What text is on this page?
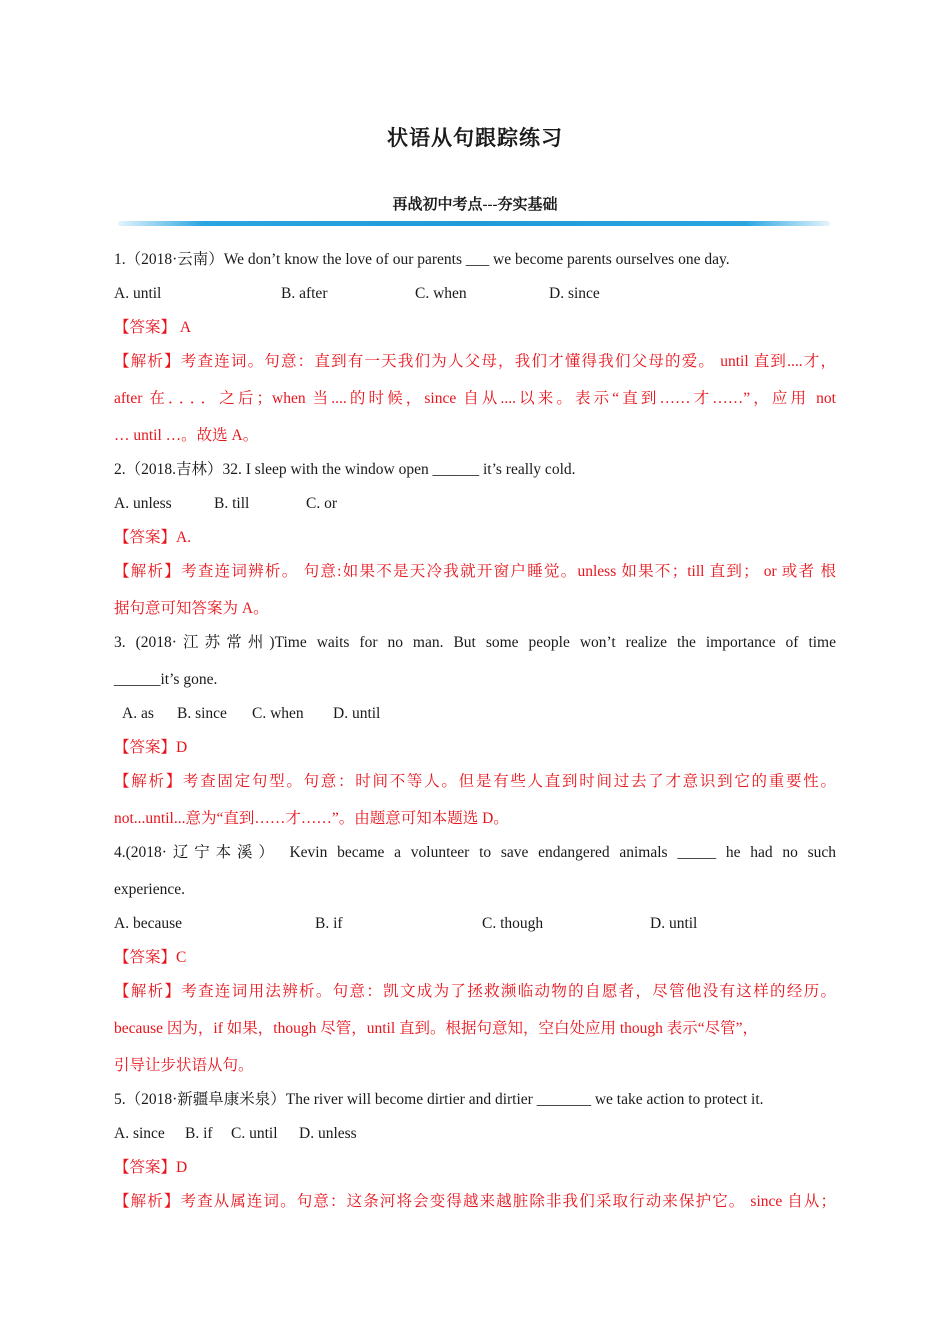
状语从句跟踪练习
再战初中考点---夯实基础
1.（2018·云南）We don’t know the love of our parents ___ we become parents ourselves one day.
A. until	B. after	C. when	D. since
【答案】 A
【解析】考查连词。句意：直到有一天我们为人父母，我们才懂得我们父母的爱。 until 直到....才，
after 在．．．．之后；when 当....的时候，since 自从....以来。表示“直到……才……”，应用 not
… until …。故选 A。
2.（2018.吉林）32. I sleep with the window open ______ it’s really cold.
A. unless	B. till	C. or
【答案】A.
【解析】考查连词辨析。 句意:如果不是天冷我就开窗户睡觉。unless 如果不；till 直到； or 或者 根
据句意可知答案为 A。
3. (2018·江苏常州)Time waits for no man. But some people won’t realize the importance of time
______it’s gone.
A. as	B. since	C. when	D. until
【答案】D
【解析】考查固定句型。句意：时间不等人。但是有些人直到时间过去了才意识到它的重要性。
not...until...意为“直到……才……”。由题意可知本题选 D。
4.(2018·辽宁本溪） Kevin became a volunteer to save endangered animals _____ he had no such
experience.
A. because	B. if	C. though	D. until
【答案】C
【解析】考查连词用法辨析。句意：凯文成为了拯救濒临动物的自愿者，尽管他没有这样的经历。
because 因为，if 如果，though 尽管，until 直到。根据句意知，空白处应用 though 表示“尽管”，
引导让步状语从句。
5.（2018·新疆阜康米泉）The river will become dirtier and dirtier _______ we take action to protect it.
A. since	B. if	C. until	D. unless
【答案】D
【解析】考查从属连词。句意：这条河将会变得越来越脏除非我们采取行动来保护它。 since 自从；
